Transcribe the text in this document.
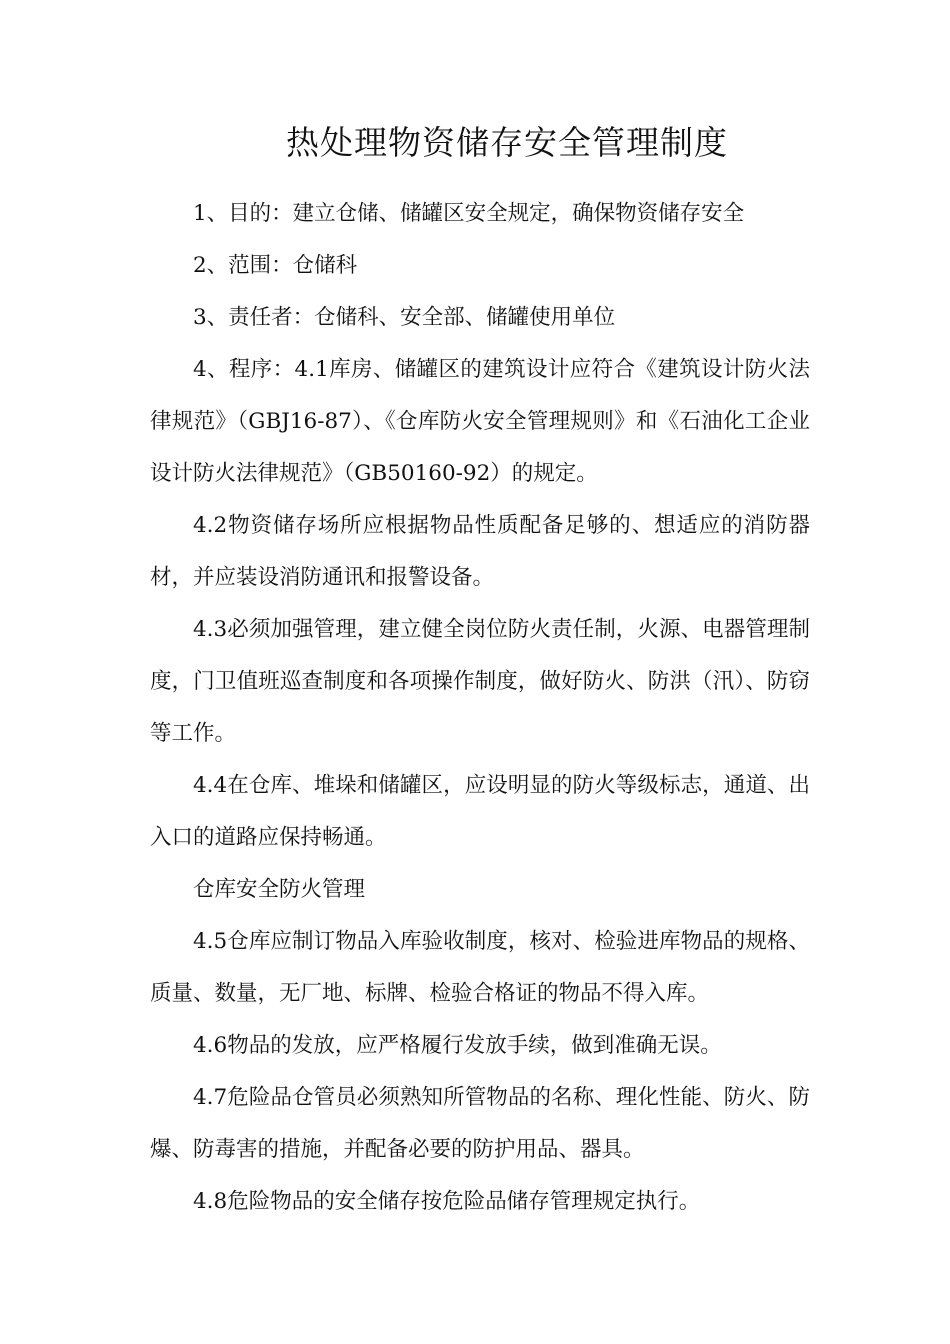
热处理物资储存安全管理制度

1、目的：建立仓储、储罐区安全规定，确保物资储存安全

2、范围：仓储科

3、责任者：仓储科、安全部、储罐使用单位

4、程序：4.1库房、储罐区的建筑设计应符合《建筑设计防火法律规范》（GBJ16-87）、《仓库防火安全管理规则》和《石油化工企业设计防火法律规范》（GB50160-92）的规定。

4.2物资储存场所应根据物品性质配备足够的、想适应的消防器材，并应装设消防通讯和报警设备。

4.3必须加强管理，建立健全岗位防火责任制，火源、电器管理制度，门卫值班巡查制度和各项操作制度，做好防火、防洪（汛）、防窃等工作。

4.4在仓库、堆垛和储罐区，应设明显的防火等级标志，通道、出入口的道路应保持畅通。

仓库安全防火管理

4.5仓库应制订物品入库验收制度，核对、检验进库物品的规格、质量、数量，无厂地、标牌、检验合格证的物品不得入库。

4.6物品的发放，应严格履行发放手续，做到准确无误。

4.7危险品仓管员必须熟知所管物品的名称、理化性能、防火、防爆、防毒害的措施，并配备必要的防护用品、器具。

4.8危险物品的安全储存按危险品储存管理规定执行。
